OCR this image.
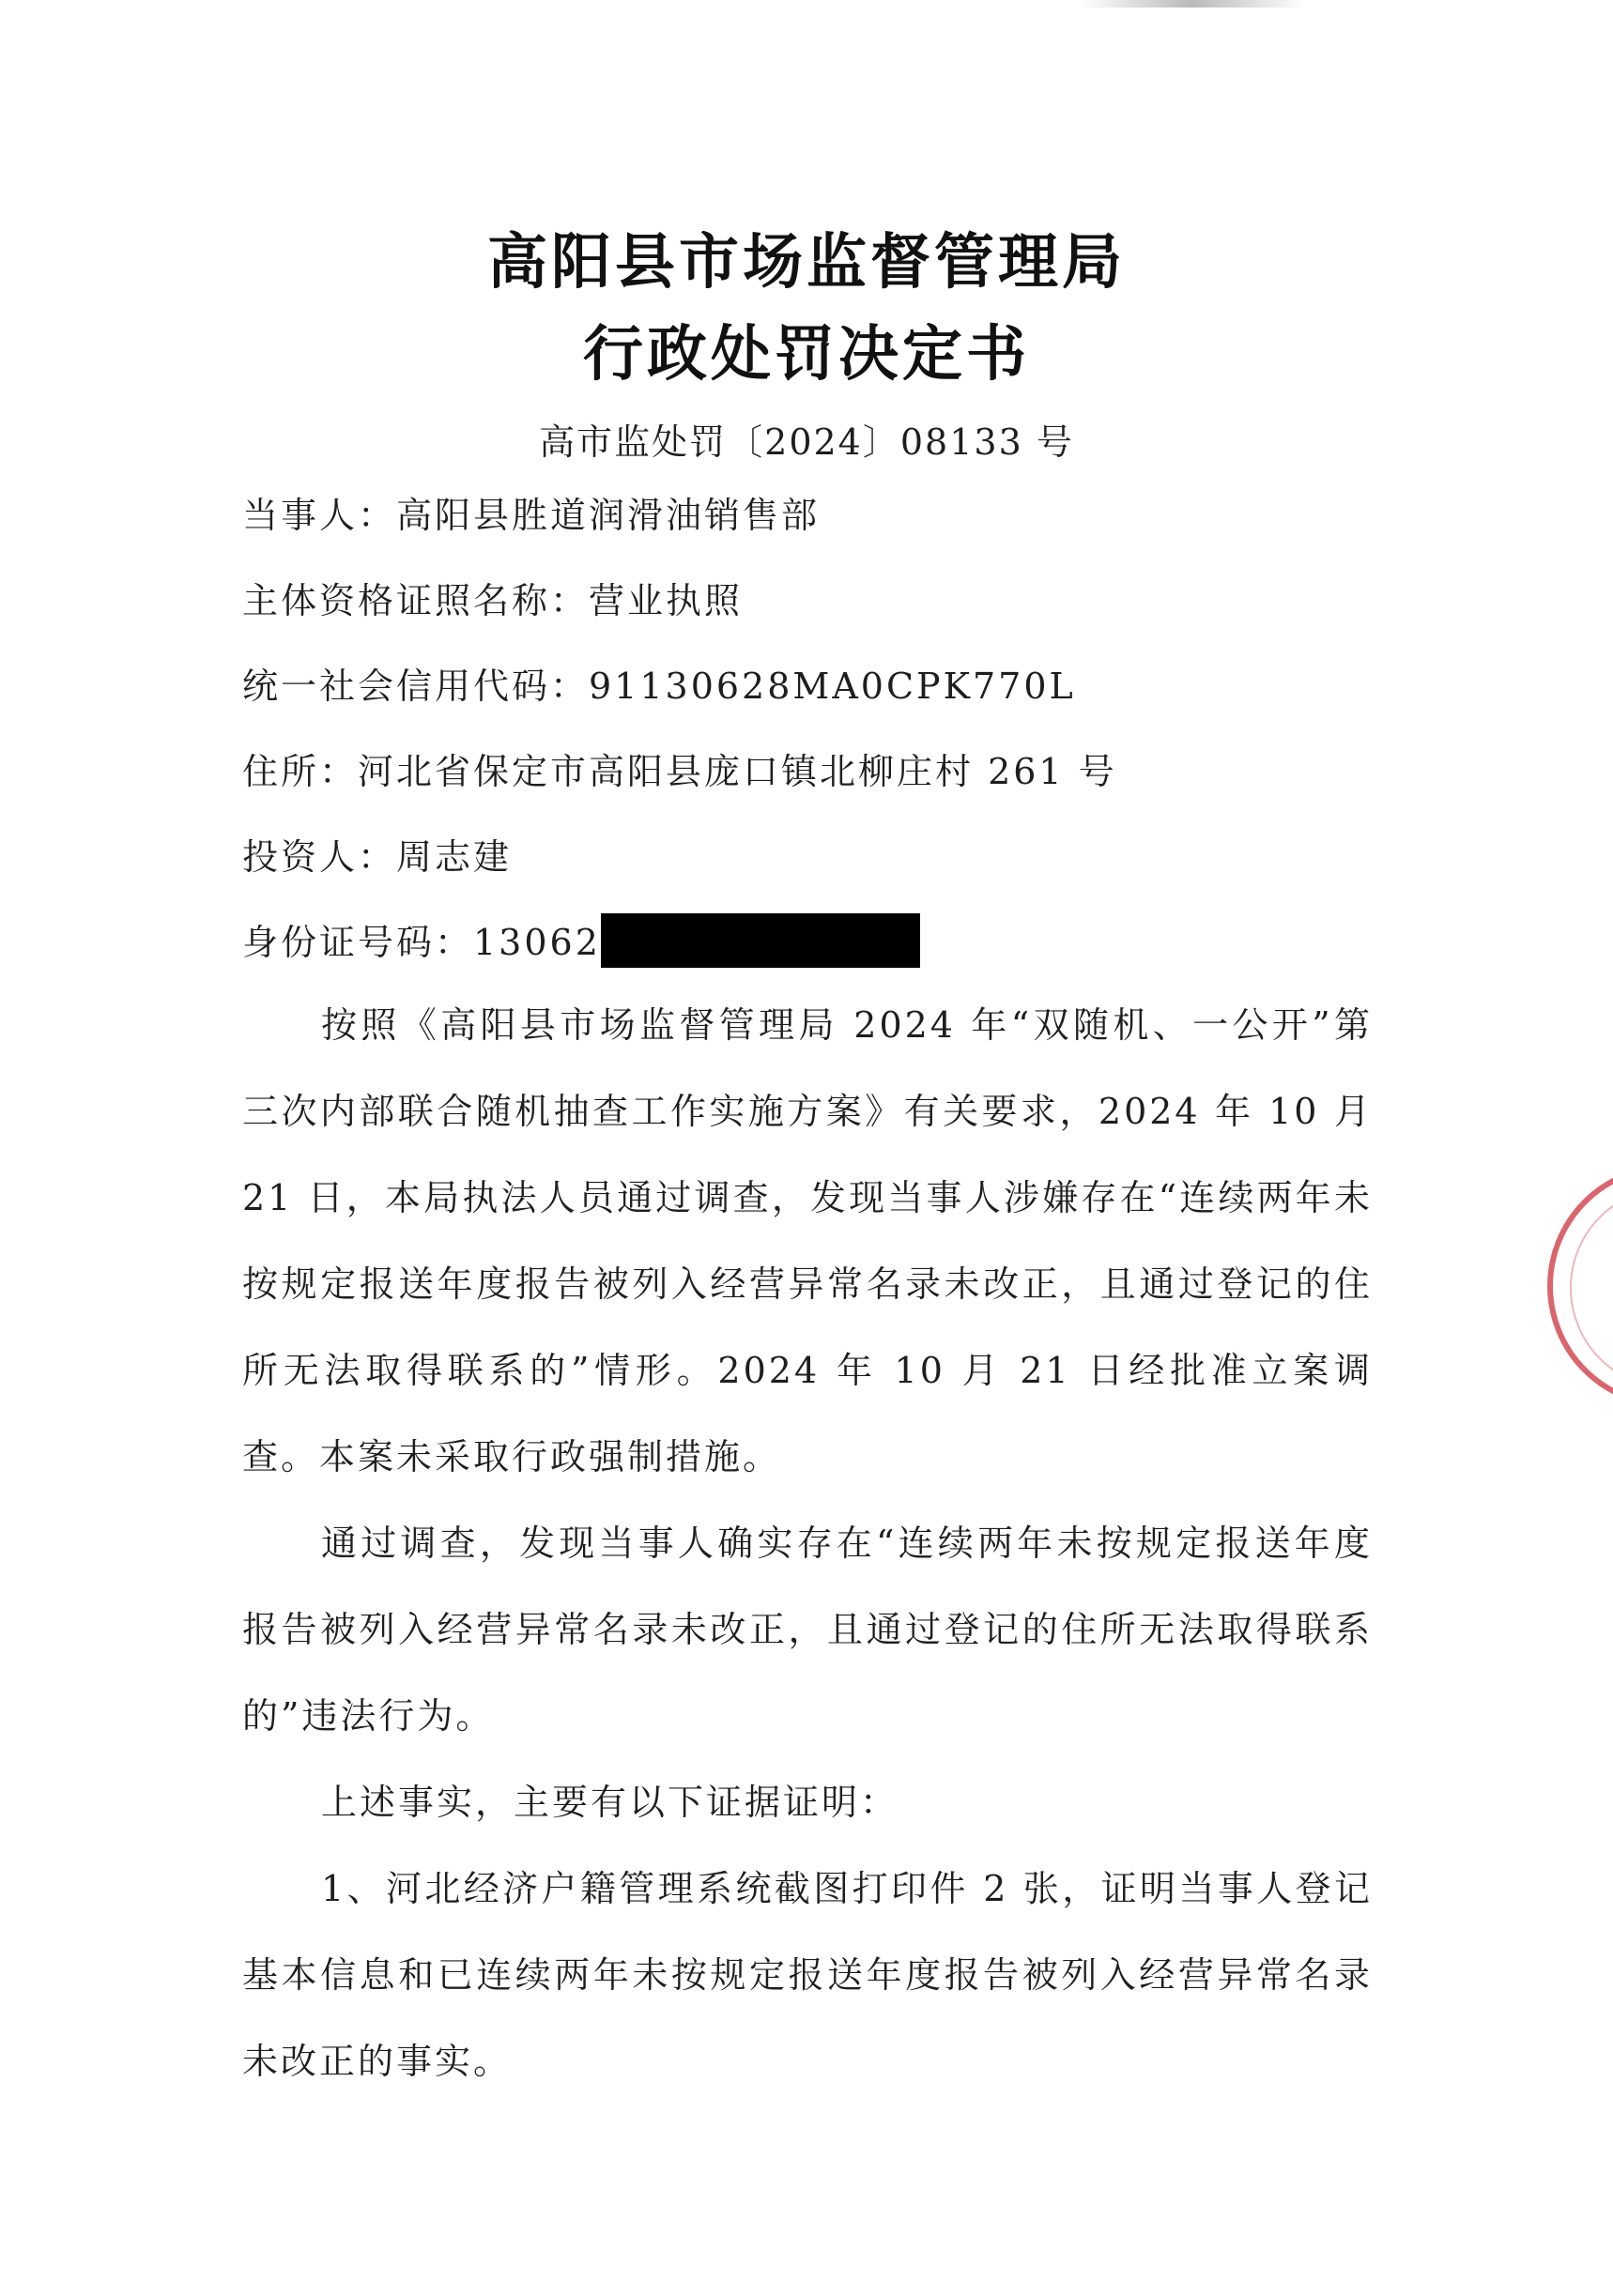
高阳县市场监督管理局
行政处罚决定书
高市监处罚〔2024〕08133 号
当事人：高阳县胜道润滑油销售部
主体资格证照名称：营业执照
统一社会信用代码：91130628MA0CPK770L
住所：河北省保定市高阳县庞口镇北柳庄村 261 号
投资人：周志建
身份证号码：13062
按照《高阳县市场监督管理局 2024 年“双随机、一公开”第三次内部联合随机抽查工作实施方案》有关要求，2024 年 10 月 21 日，本局执法人员通过调查，发现当事人涉嫌存在“连续两年未按规定报送年度报告被列入经营异常名录未改正，且通过登记的住所无法取得联系的”情形。2024 年 10 月 21 日经批准立案调查。本案未采取行政强制措施。
通过调查，发现当事人确实存在“连续两年未按规定报送年度报告被列入经营异常名录未改正，且通过登记的住所无法取得联系的”违法行为。
上述事实，主要有以下证据证明：
1、河北经济户籍管理系统截图打印件 2 张，证明当事人登记基本信息和已连续两年未按规定报送年度报告被列入经营异常名录未改正的事实。
